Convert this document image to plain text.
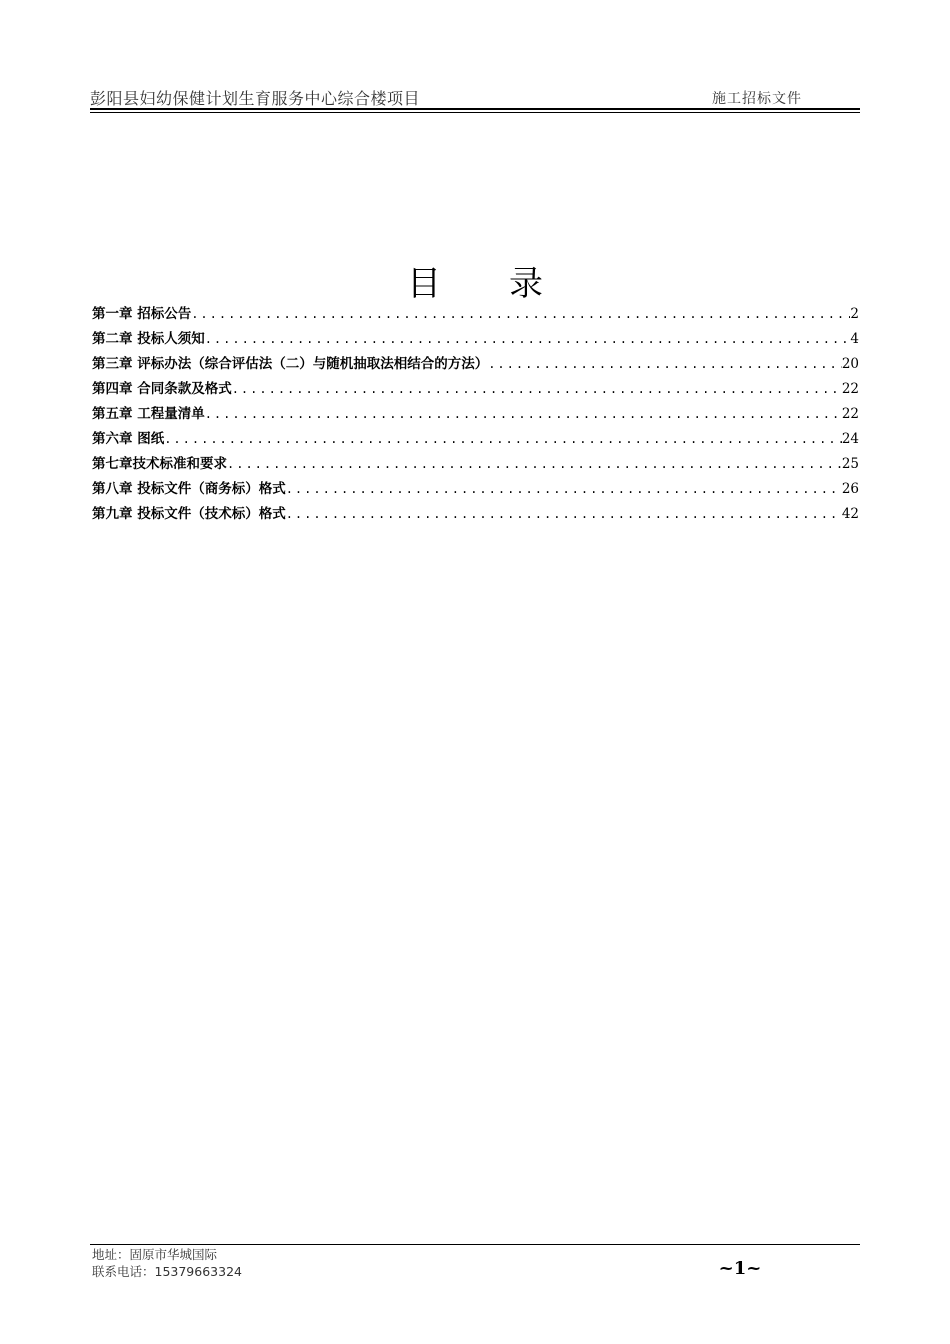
彭阳县妇幼保健计划生育服务中心综合楼项目	施工招标文件
目录
第一章 招标公告 .....	2
第二章 投标人须知 .....	4
第三章 评标办法（综合评估法（二）与随机抽取法相结合的方法） .....	20
第四章 合同条款及格式 .....	22
第五章 工程量清单 .....	22
第六章 图纸 .....	24
第七章技术标准和要求 .....	25
第八章 投标文件（商务标）格式 .....	26
第九章 投标文件（技术标）格式 .....	42
地址：固原市华城国际
联系电话：15379663324	~1~
